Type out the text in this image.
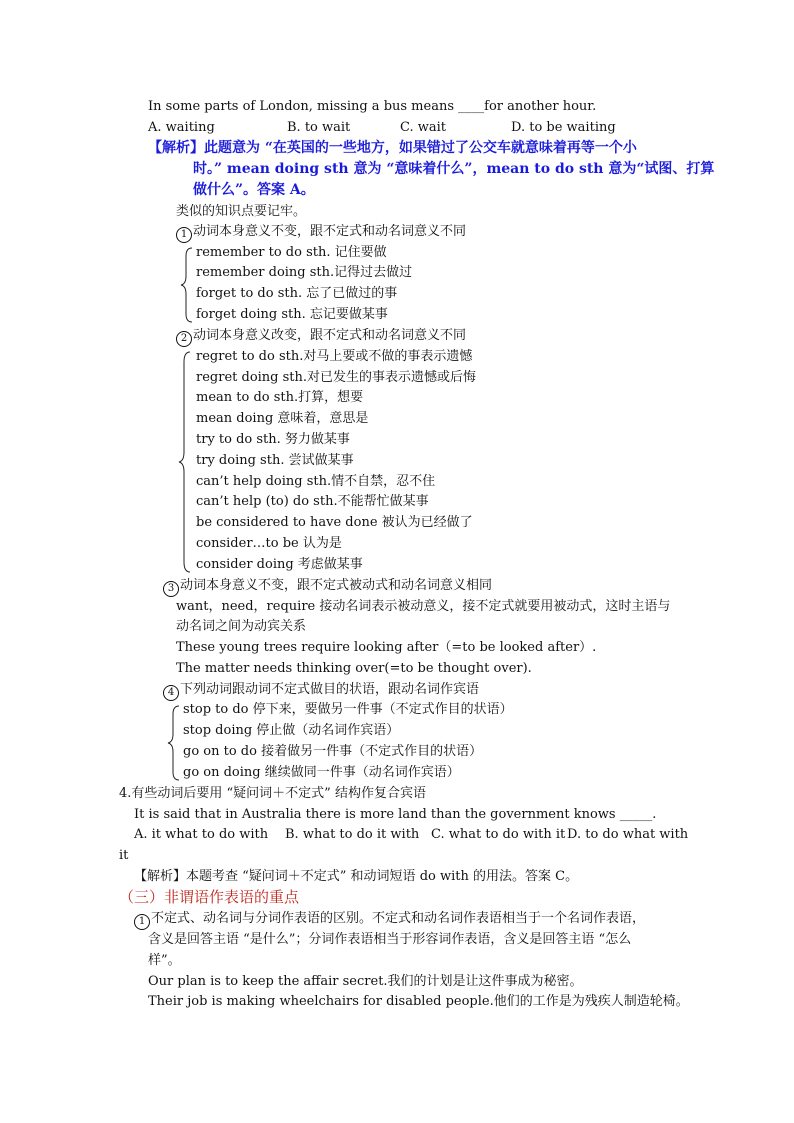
In some parts of London, missing a bus means ____for another hour.
A. waiting	B. to wait	C. wait	D. to be waiting
【解析】此题意为 “在英国的一些地方，如果错过了公交车就意味着再等一个小
时。” mean doing sth 意为 “意味着什么”，mean to do sth 意为“试图、打算
做什么”。答案 A。
类似的知识点要记牢。
1 动词本身意义不变，跟不定式和动名词意义不同
remember to do sth. 记住要做
remember doing sth.记得过去做过
forget to do sth. 忘了已做过的事
forget doing sth. 忘记要做某事
2 动词本身意义改变，跟不定式和动名词意义不同
regret to do sth.对马上要或不做的事表示遗憾
regret doing sth.对已发生的事表示遗憾或后悔
mean to do sth.打算，想要
mean doing 意味着，意思是
try to do sth. 努力做某事
try doing sth. 尝试做某事
can’t help doing sth.情不自禁，忍不住
can’t help (to) do sth.不能帮忙做某事
be considered to have done 被认为已经做了
consider…to be 认为是
consider doing 考虑做某事
3 动词本身意义不变，跟不定式被动式和动名词意义相同
want，need，require 接动名词表示被动意义，接不定式就要用被动式，这时主语与
动名词之间为动宾关系
These young trees require looking after（=to be looked after）.
The matter needs thinking over(=to be thought over).
4 下列动词跟动词不定式做目的状语，跟动名词作宾语
stop to do 停下来，要做另一件事（不定式作目的状语）
stop doing 停止做（动名词作宾语）
go on to do 接着做另一件事（不定式作目的状语）
go on doing 继续做同一件事（动名词作宾语）
4.有些动词后要用 “疑问词＋不定式” 结构作复合宾语
It is said that in Australia there is more land than the government knows _____.
A. it what to do with B. what to do it with C. what to do with it D. to do what with
it
【解析】本题考查 “疑问词＋不定式” 和动词短语 do with 的用法。答案 C。
（三）非谓语作表语的重点
1 不定式、动名词与分词作表语的区别。不定式和动名词作表语相当于一个名词作表语，
含义是回答主语 “是什么”；分词作表语相当于形容词作表语，含义是回答主语 “怎么
样”。
Our plan is to keep the affair secret.我们的计划是让这件事成为秘密。
Their job is making wheelchairs for disabled people.他们的工作是为残疾人制造轮椅。
